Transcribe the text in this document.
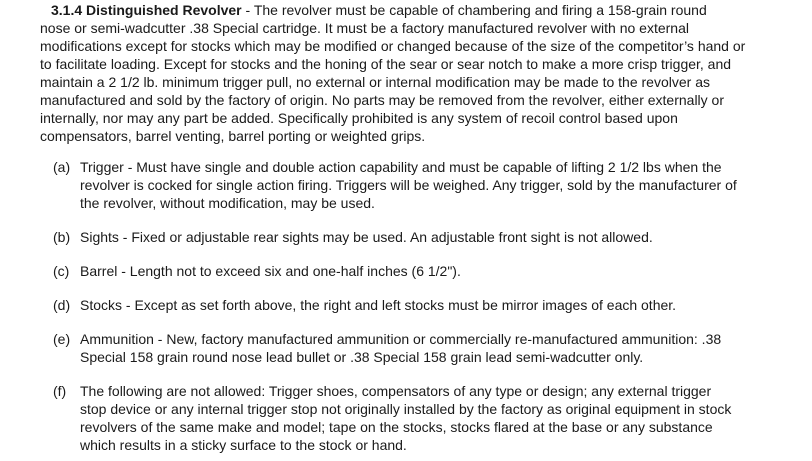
3.1.4 Distinguished Revolver - The revolver must be capable of chambering and firing a 158-grain round
nose or semi-wadcutter .38 Special cartridge. It must be a factory manufactured revolver with no external
modifications except for stocks which may be modified or changed because of the size of the competitor’s hand or
to facilitate loading. Except for stocks and the honing of the sear or sear notch to make a more crisp trigger, and
maintain a 2 1/2 lb. minimum trigger pull, no external or internal modification may be made to the revolver as
manufactured and sold by the factory of origin. No parts may be removed from the revolver, either externally or
internally, nor may any part be added. Specifically prohibited is any system of recoil control based upon
compensators, barrel venting, barrel porting or weighted grips.
(a) Trigger - Must have single and double action capability and must be capable of lifting 2 1/2 lbs when the
revolver is cocked for single action firing. Triggers will be weighed. Any trigger, sold by the manufacturer of
the revolver, without modification, may be used.
(b) Sights - Fixed or adjustable rear sights may be used. An adjustable front sight is not allowed.
(c) Barrel - Length not to exceed six and one-half inches (6 1/2").
(d) Stocks - Except as set forth above, the right and left stocks must be mirror images of each other.
(e) Ammunition - New, factory manufactured ammunition or commercially re-manufactured ammunition: .38
Special 158 grain round nose lead bullet or .38 Special 158 grain lead semi-wadcutter only.
(f) The following are not allowed: Trigger shoes, compensators of any type or design; any external trigger
stop device or any internal trigger stop not originally installed by the factory as original equipment in stock
revolvers of the same make and model; tape on the stocks, stocks flared at the base or any substance
which results in a sticky surface to the stock or hand.
